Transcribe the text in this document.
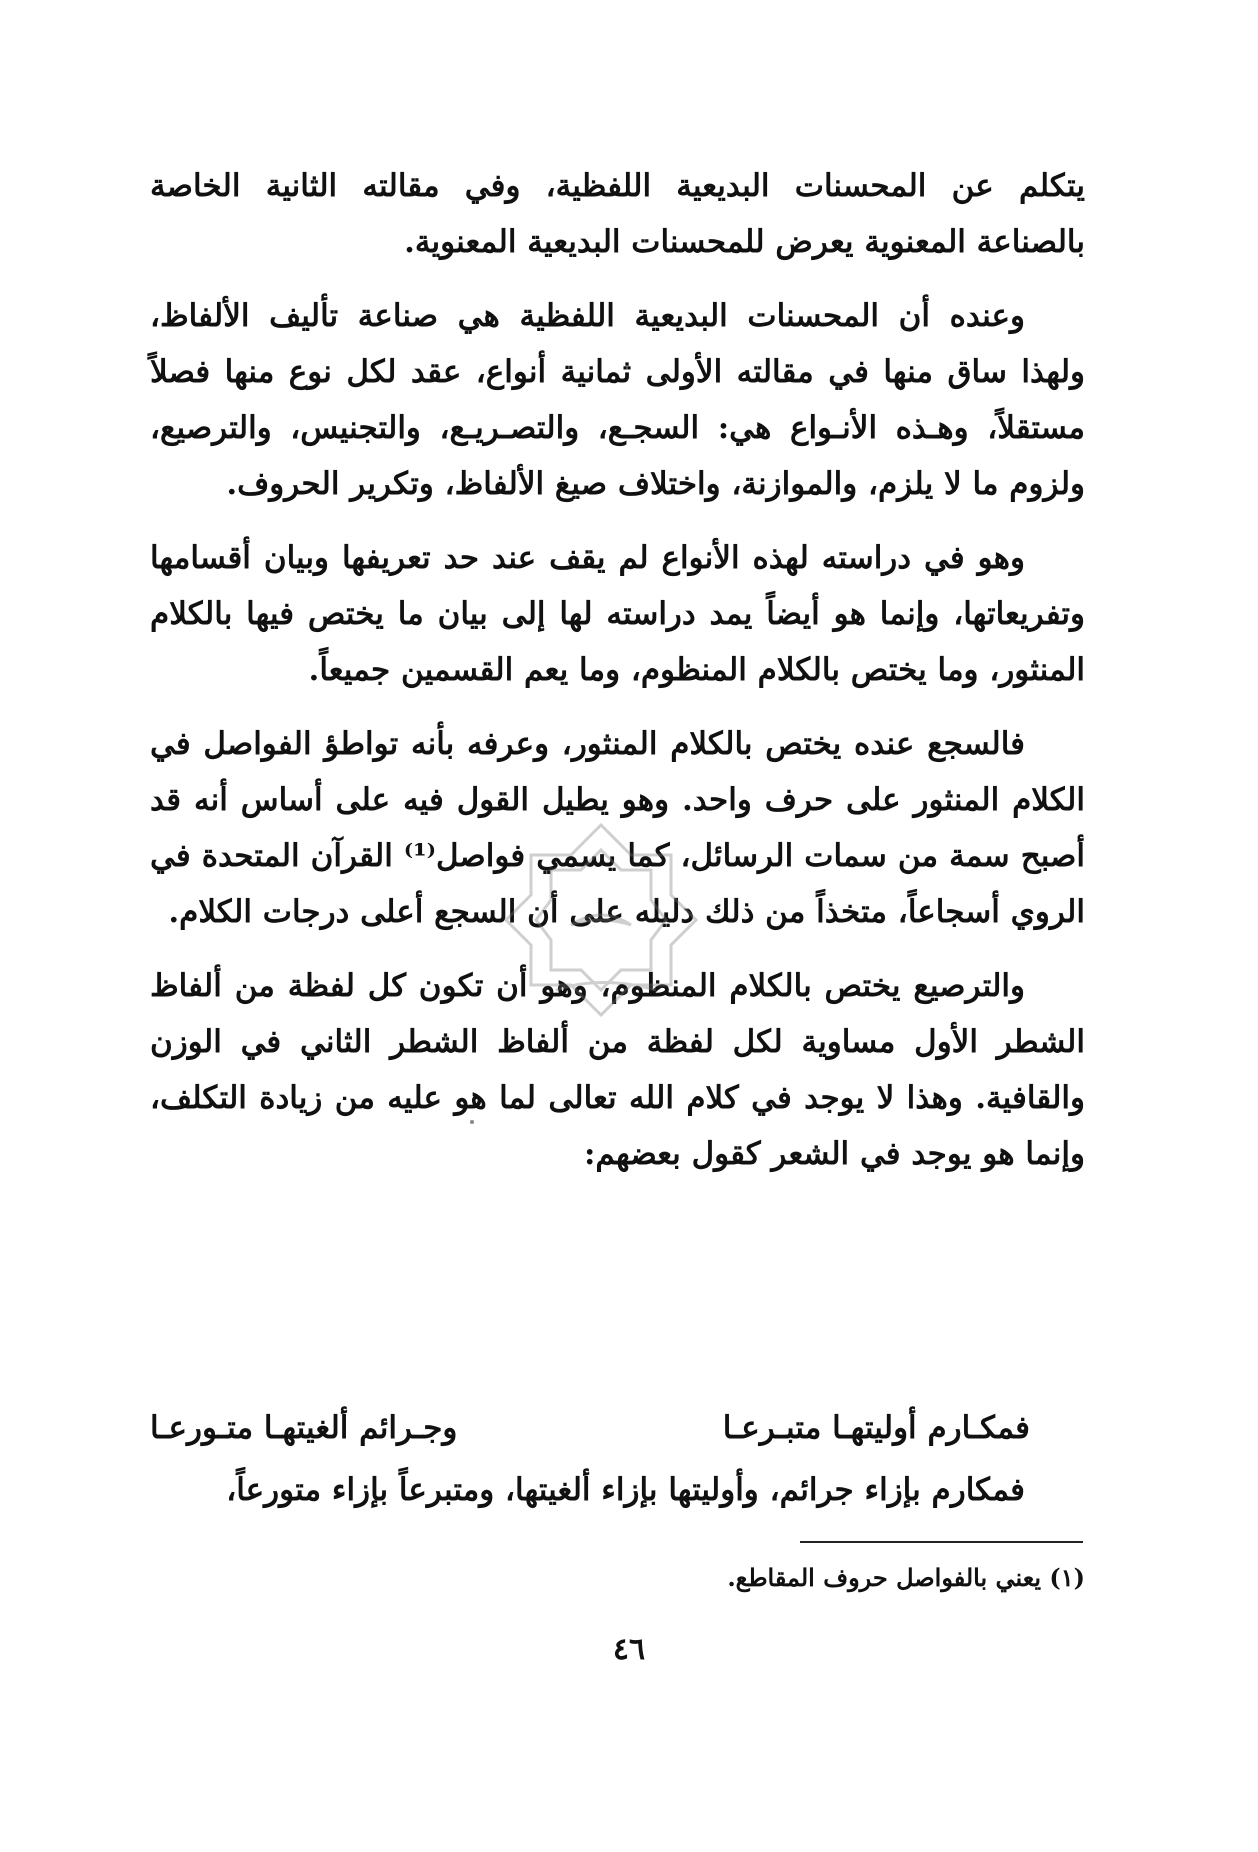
يتكلم عن المحسنات البديعية اللفظية، وفي مقالته الثانية الخاصة بالصناعة المعنوية يعرض للمحسنات البديعية المعنوية.

وعنده أن المحسنات البديعية اللفظية هي صناعة تأليف الألفاظ، ولهذا ساق منها في مقالته الأولى ثمانية أنواع، عقد لكل نوع منها فصلاً مستقلاً، وهـذه الأنـواع هي: السجـع، والتصـريـع، والتجنيس، والترصيع، ولزوم ما لا يلزم، والموازنة، واختلاف صيغ الألفاظ، وتكرير الحروف.

وهو في دراسته لهذه الأنواع لم يقف عند حد تعريفها وبيان أقسامها وتفريعاتها، وإنما هو أيضاً يمد دراسته لها إلى بيان ما يختص فيها بالكلام المنثور، وما يختص بالكلام المنظوم، وما يعم القسمين جميعاً.

فالسجع عنده يختص بالكلام المنثور، وعرفه بأنه تواطؤ الفواصل في الكلام المنثور على حرف واحد. وهو يطيل القول فيه على أساس أنه قد أصبح سمة من سمات الرسائل، كما يسمي فواصل⁽¹⁾ القرآن المتحدة في الروي أسجاعاً، متخذاً من ذلك دليله على أن السجع أعلى درجات الكلام.

والترصيع يختص بالكلام المنظوم، وهو أن تكون كل لفظة من ألفاظ الشطر الأول مساوية لكل لفظة من ألفاظ الشطر الثاني في الوزن والقافية. وهذا لا يوجد في كلام الله تعالى لما هو عليه من زيادة التكلف، وإنما هو يوجد في الشعر كقول بعضهم:

فمكـارم أوليتهـا متبـرعـا
وجـرائم ألغيتهـا متـورعـا
فمكارم بإزاء جرائم، وأوليتها بإزاء ألغيتها، ومتبرعاً بإزاء متورعاً،
(١) يعني بالفواصل حروف المقاطع.
٤٦
